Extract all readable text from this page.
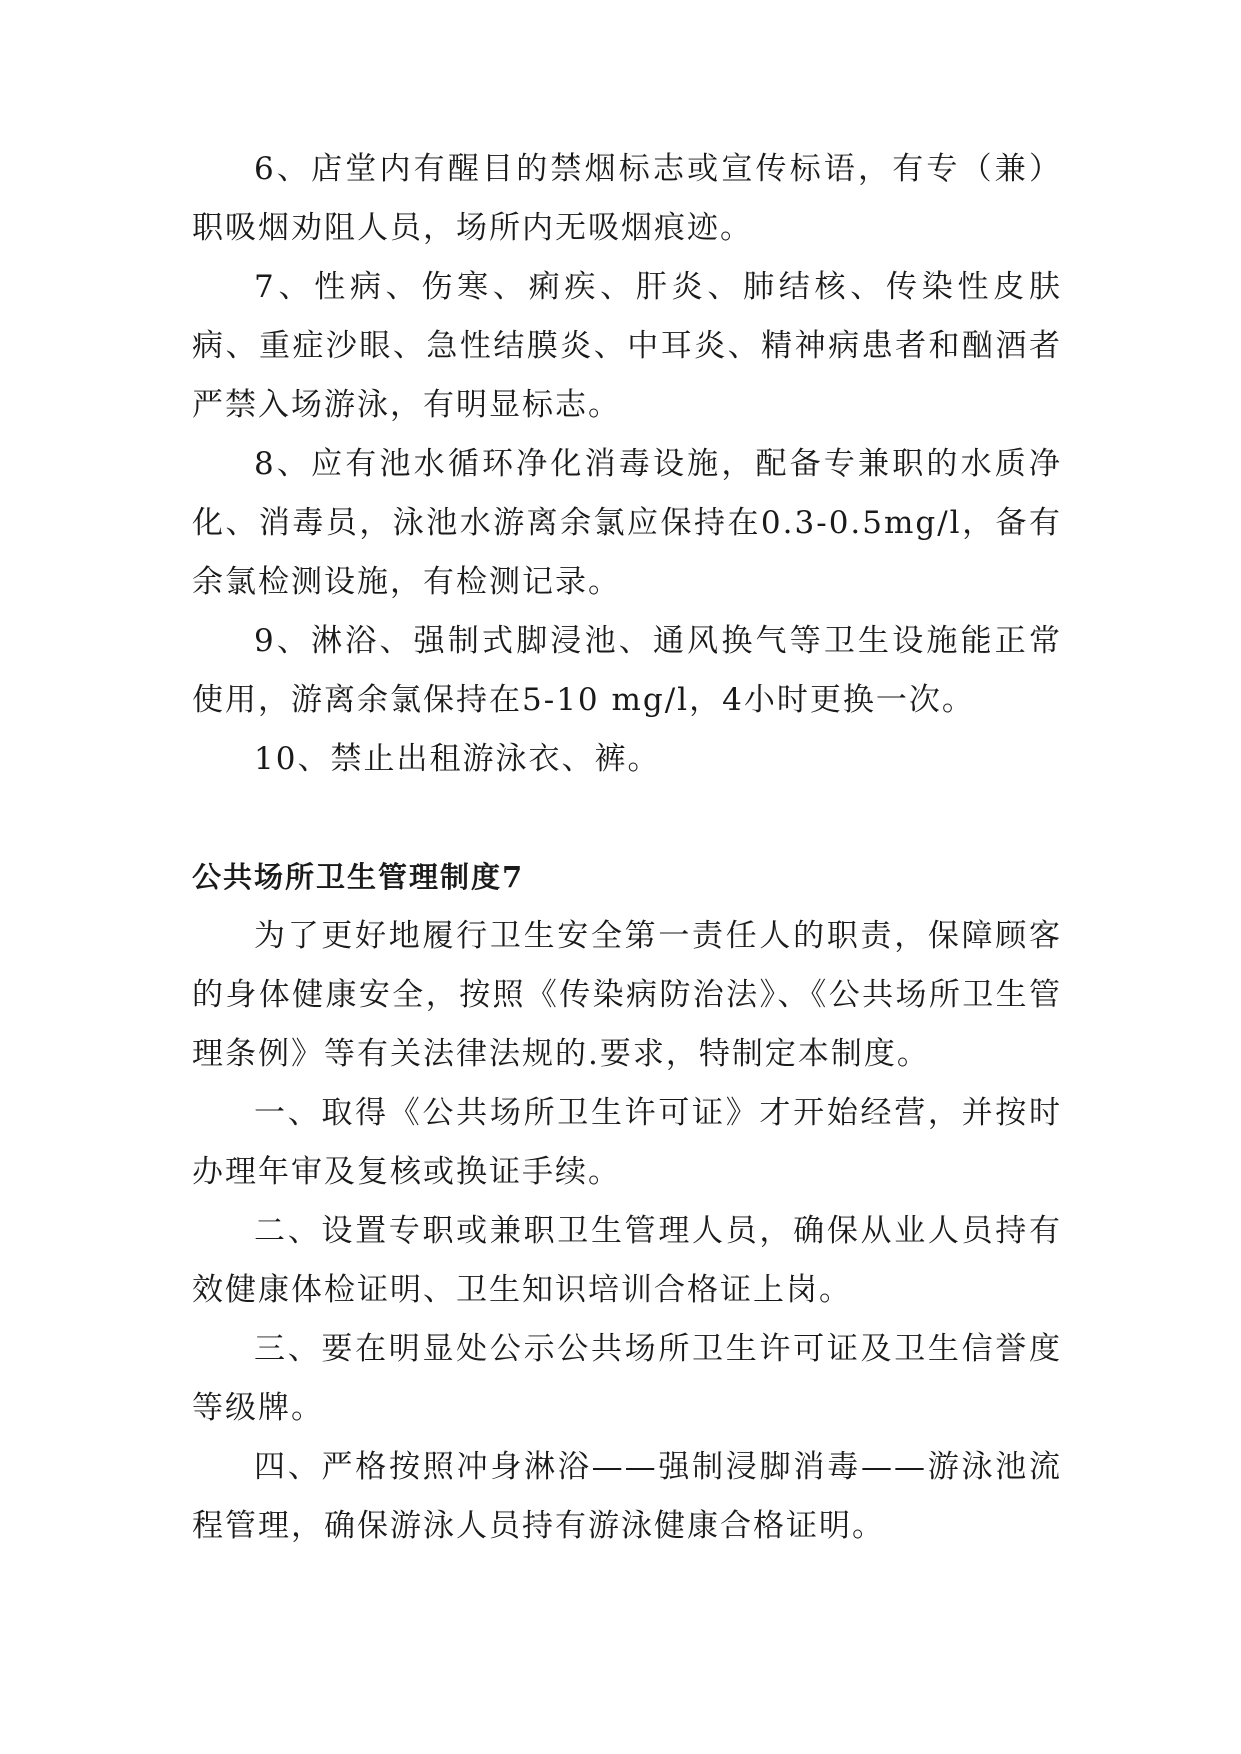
6、店堂内有醒目的禁烟标志或宣传标语，有专（兼）职吸烟劝阻人员，场所内无吸烟痕迹。

7、性病、伤寒、痢疾、肝炎、肺结核、传染性皮肤病、重症沙眼、急性结膜炎、中耳炎、精神病患者和酗酒者严禁入场游泳，有明显标志。

8、应有池水循环净化消毒设施，配备专兼职的水质净化、消毒员，泳池水游离余氯应保持在0.3-0.5mg/l，备有余氯检测设施，有检测记录。

9、淋浴、强制式脚浸池、通风换气等卫生设施能正常使用，游离余氯保持在5-10 mg/l，4小时更换一次。

10、禁止出租游泳衣、裤。

公共场所卫生管理制度7

为了更好地履行卫生安全第一责任人的职责，保障顾客的身体健康安全，按照《传染病防治法》、《公共场所卫生管理条例》等有关法律法规的.要求，特制定本制度。

一、取得《公共场所卫生许可证》才开始经营，并按时办理年审及复核或换证手续。

二、设置专职或兼职卫生管理人员，确保从业人员持有效健康体检证明、卫生知识培训合格证上岗。

三、要在明显处公示公共场所卫生许可证及卫生信誉度等级牌。

四、严格按照冲身淋浴——强制浸脚消毒——游泳池流程管理，确保游泳人员持有游泳健康合格证明。
